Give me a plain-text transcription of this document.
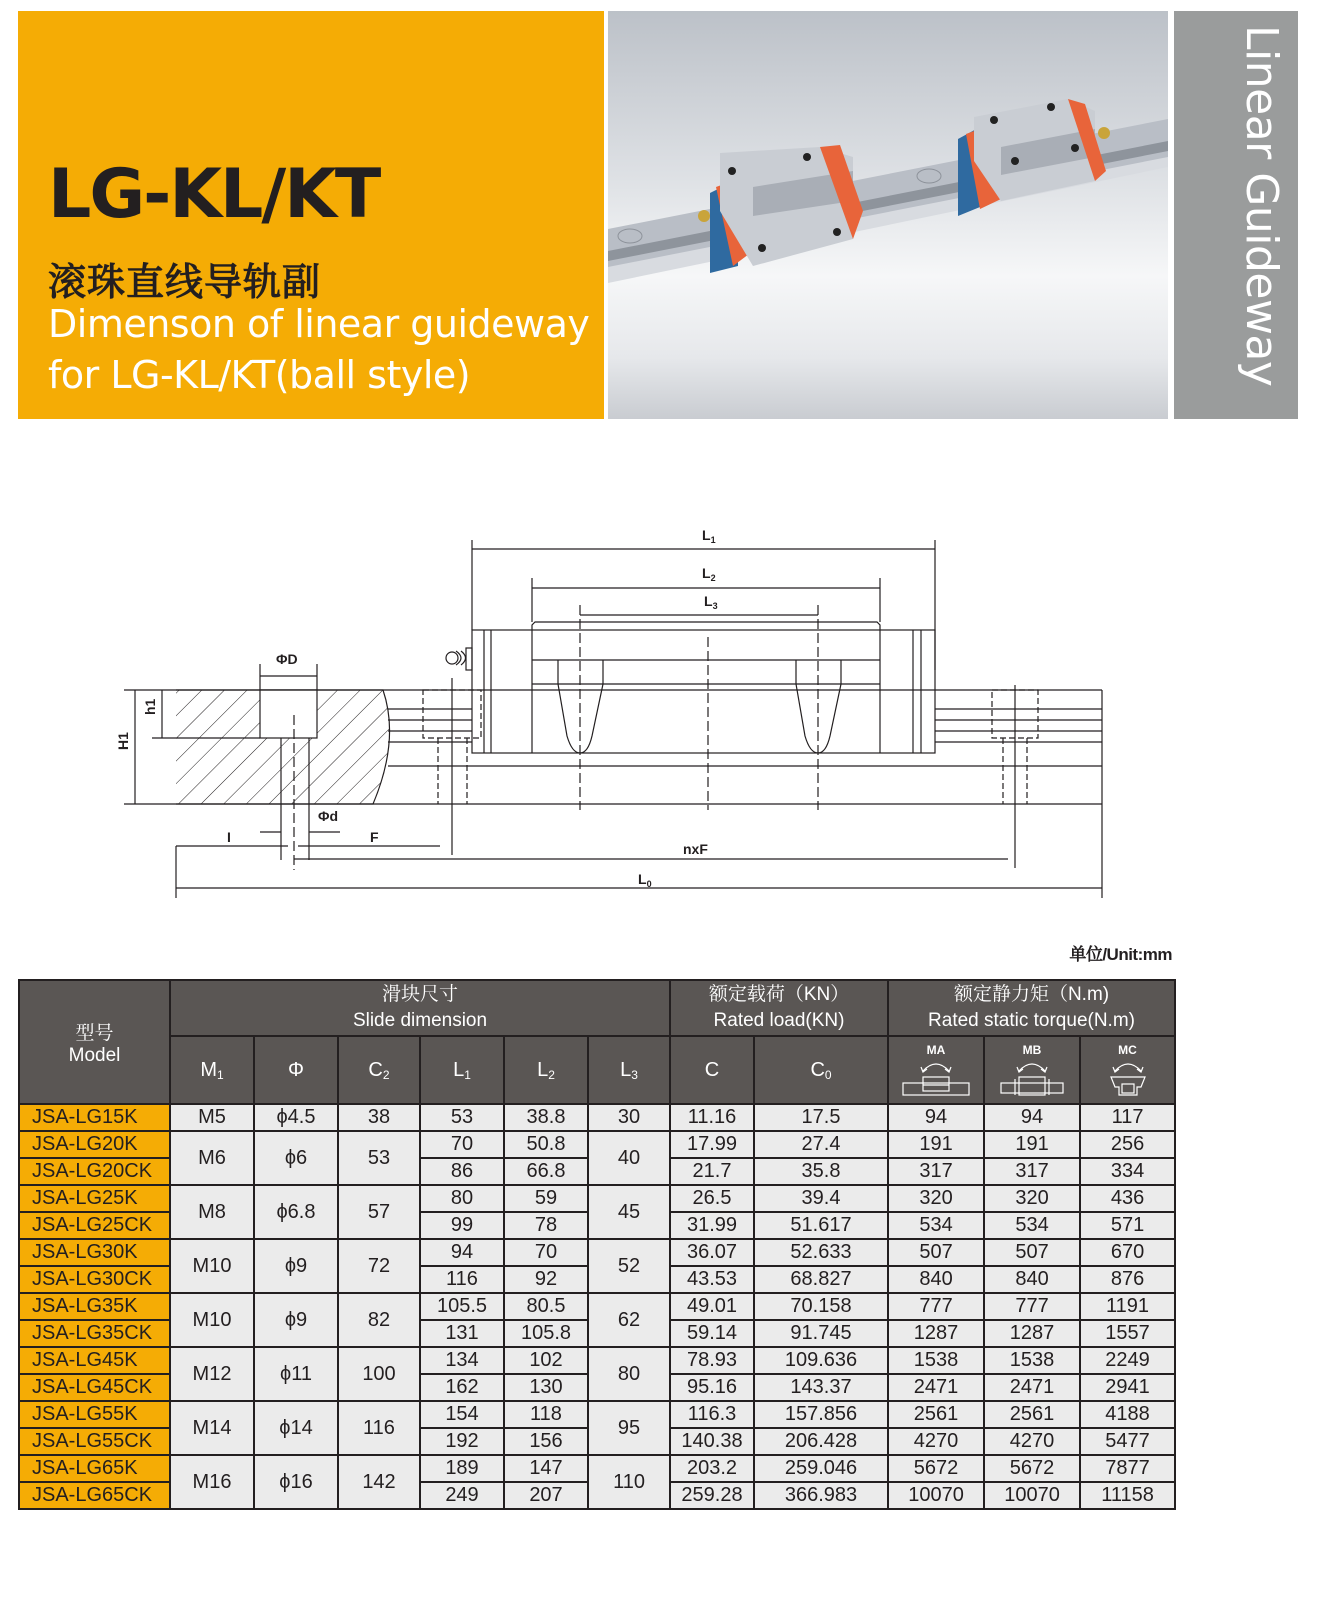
LG-KL/KT
滚珠直线导轨副
Dimenson of linear guideway
for LG-KL/KT(ball style)	Linear Guideway
$L_1$
$L_2$
$L_3$
ΦD
Φd
I	F
nxF
$L_0$
H1
h1
单位/Unit:mm
型号
Model

滑块尺寸
Slide dimension

额定载荷（KN）
Rated load(KN)

额定静力矩（N.m)
Rated static torque(N.m)

	$M_1$	Φ	$C_2$	$L_1$	$L_2$	$L_3$	C	$C_0$	MA	MB	MC

JSA-LG15K	M5	ϕ4.5	38	53	38.8	30	11.16	17.5	94	94	117
JSA-LG20K	M6	ϕ6	53	70	50.8	40	17.99	27.4	191	191	256
JSA-LG20CK				86	66.8		21.7	35.8	317	317	334
JSA-LG25K	M8	ϕ6.8	57	80	59	45	26.5	39.4	320	320	436
JSA-LG25CK				99	78		31.99	51.617	534	534	571
JSA-LG30K	M10	ϕ9	72	94	70	52	36.07	52.633	507	507	670
JSA-LG30CK				116	92		43.53	68.827	840	840	876
JSA-LG35K	M10	ϕ9	82	105.5	80.5	62	49.01	70.158	777	777	1191
JSA-LG35CK				131	105.8		59.14	91.745	1287	1287	1557
JSA-LG45K	M12	ϕ11	100	134	102	80	78.93	109.636	1538	1538	2249
JSA-LG45CK				162	130		95.16	143.37	2471	2471	2941
JSA-LG55K	M14	ϕ14	116	154	118	95	116.3	157.856	2561	2561	4188
JSA-LG55CK				192	156		140.38	206.428	4270	4270	5477
JSA-LG65K	M16	ϕ16	142	189	147	110	203.2	259.046	5672	5672	7877
JSA-LG65CK				249	207		259.28	366.983	10070	10070	11158
